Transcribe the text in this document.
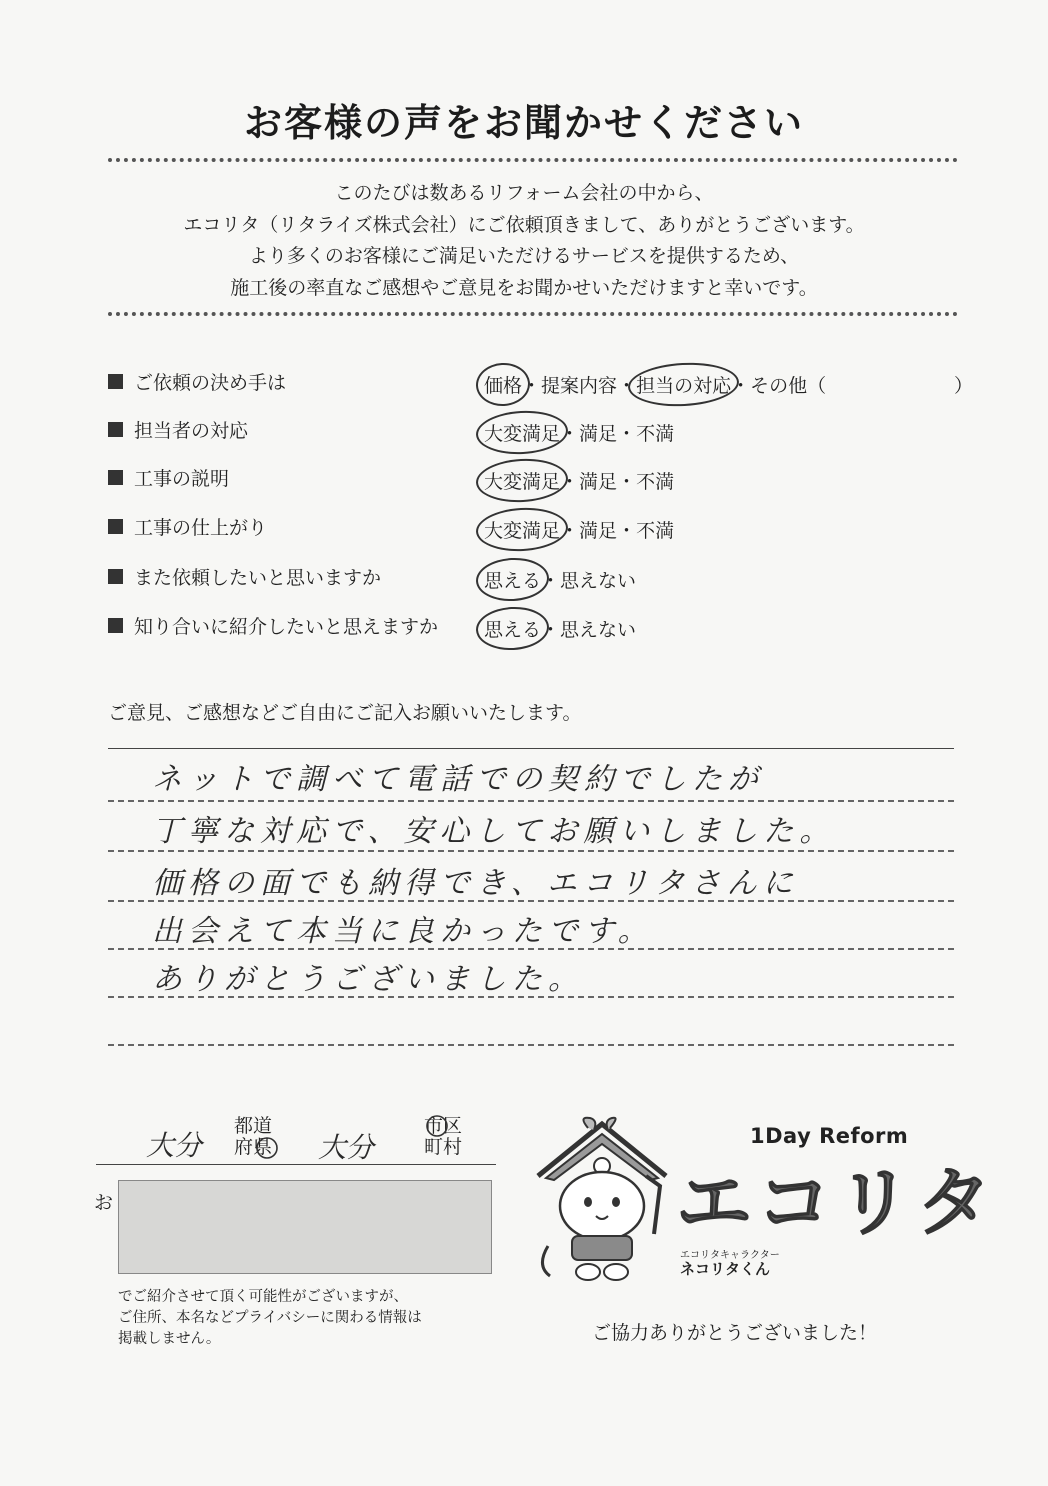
お客様の声をお聞かせください
このたびは数あるリフォーム会社の中から、
エコリタ（リタライズ株式会社）にご依頼頂きまして、ありがとうございます。
より多くのお客様にご満足いただけるサービスを提供するため、
施工後の率直なご感想やご意見をお聞かせいただけますと幸いです。
ご依頼の決め手は	価格・提案内容・担当の対応・その他（	）
担当者の対応	大変満足・満足・不満
工事の説明	大変満足・満足・不満
工事の仕上がり	大変満足・満足・不満
また依頼したいと思いますか	思える・思えない
知り合いに紹介したいと思えますか 思える・思えない
ご意見、ご感想などご自由にご記入お願いいたします。
ネットで調べて電話での契約でしたが
丁寧な対応で、安心してお願いしました。
価格の面でも納得でき、エコリタさんに
出会えて本当に良かったです。
ありがとうございました。
大分
都道
府県 大分
市区
町村
お
でご紹介させて頂く可能性がございますが、
ご住所、本名などプライバシーに関わる情報は
掲載しません。
1Day Reform
エコリタ
エコリタキャラクター
ネコリタくん
ご協力ありがとうございました！
